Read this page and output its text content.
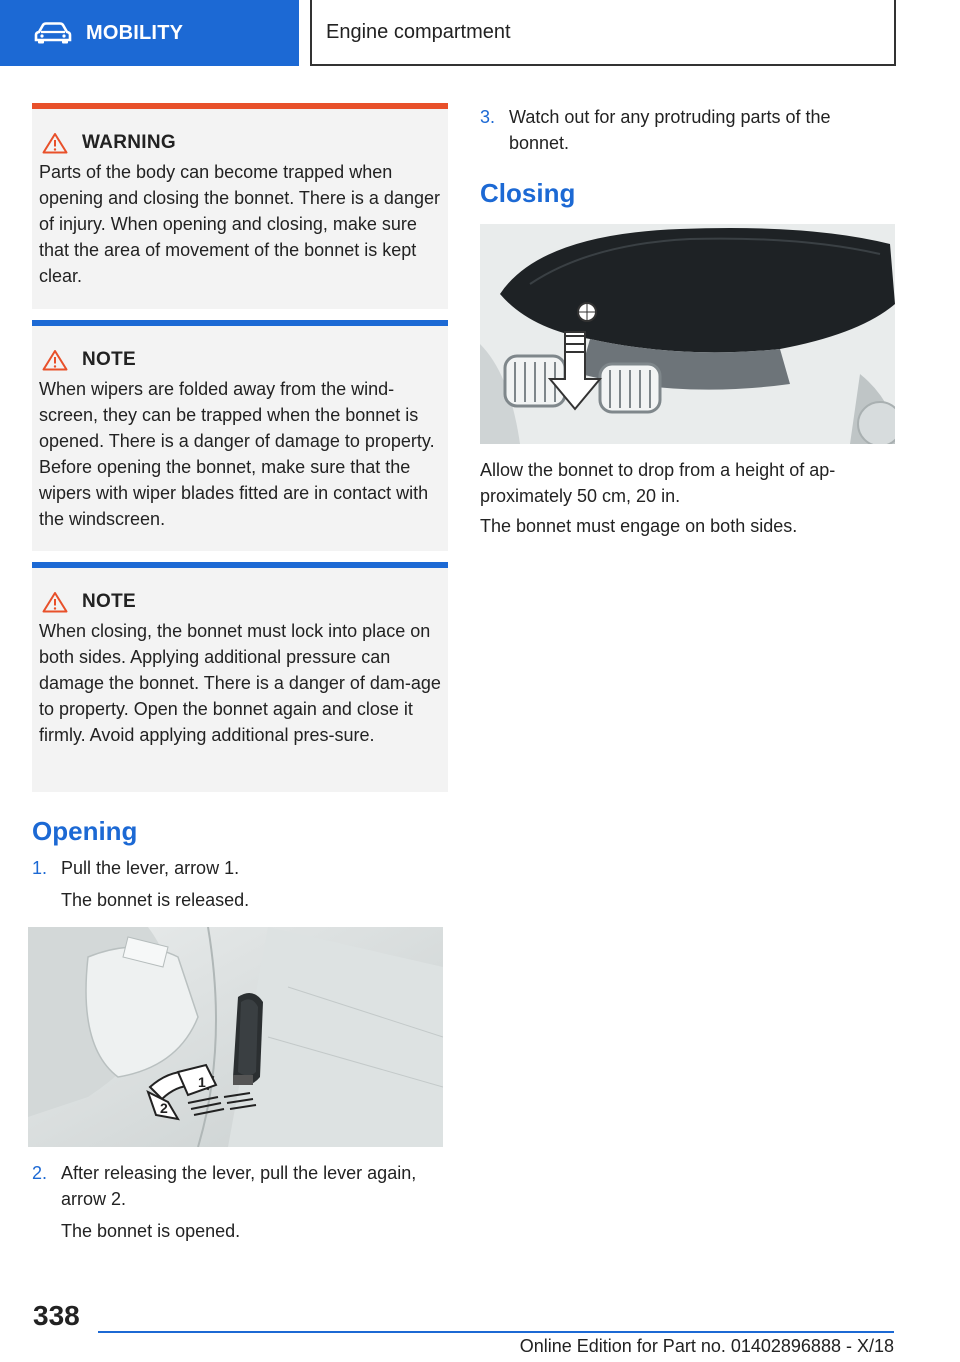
MOBILITY	Engine compartment
WARNING

Parts of the body can become trapped when opening and closing the bonnet. There is a danger of injury. When opening and closing, make sure that the area of movement of the bonnet is kept clear.

NOTE

When wipers are folded away from the wind‐screen, they can be trapped when the bonnet is opened. There is a danger of damage to property. Before opening the bonnet, make sure that the wipers with wiper blades fitted are in contact with the windscreen.

NOTE

When closing, the bonnet must lock into place on both sides. Applying additional pressure can damage the bonnet. There is a danger of dam‐age to property. Open the bonnet again and close it firmly. Avoid applying additional pres‐sure.

Opening
1. Pull the lever, arrow 1.
The bonnet is released.
1
2
2. After releasing the lever, pull the lever again, arrow 2.
The bonnet is opened.
3. Watch out for any protruding parts of the bonnet.
Closing

Allow the bonnet to drop from a height of ap‐proximately 50 cm, 20 in.

The bonnet must engage on both sides.

338
Online Edition for Part no. 01402896888 - X/18
